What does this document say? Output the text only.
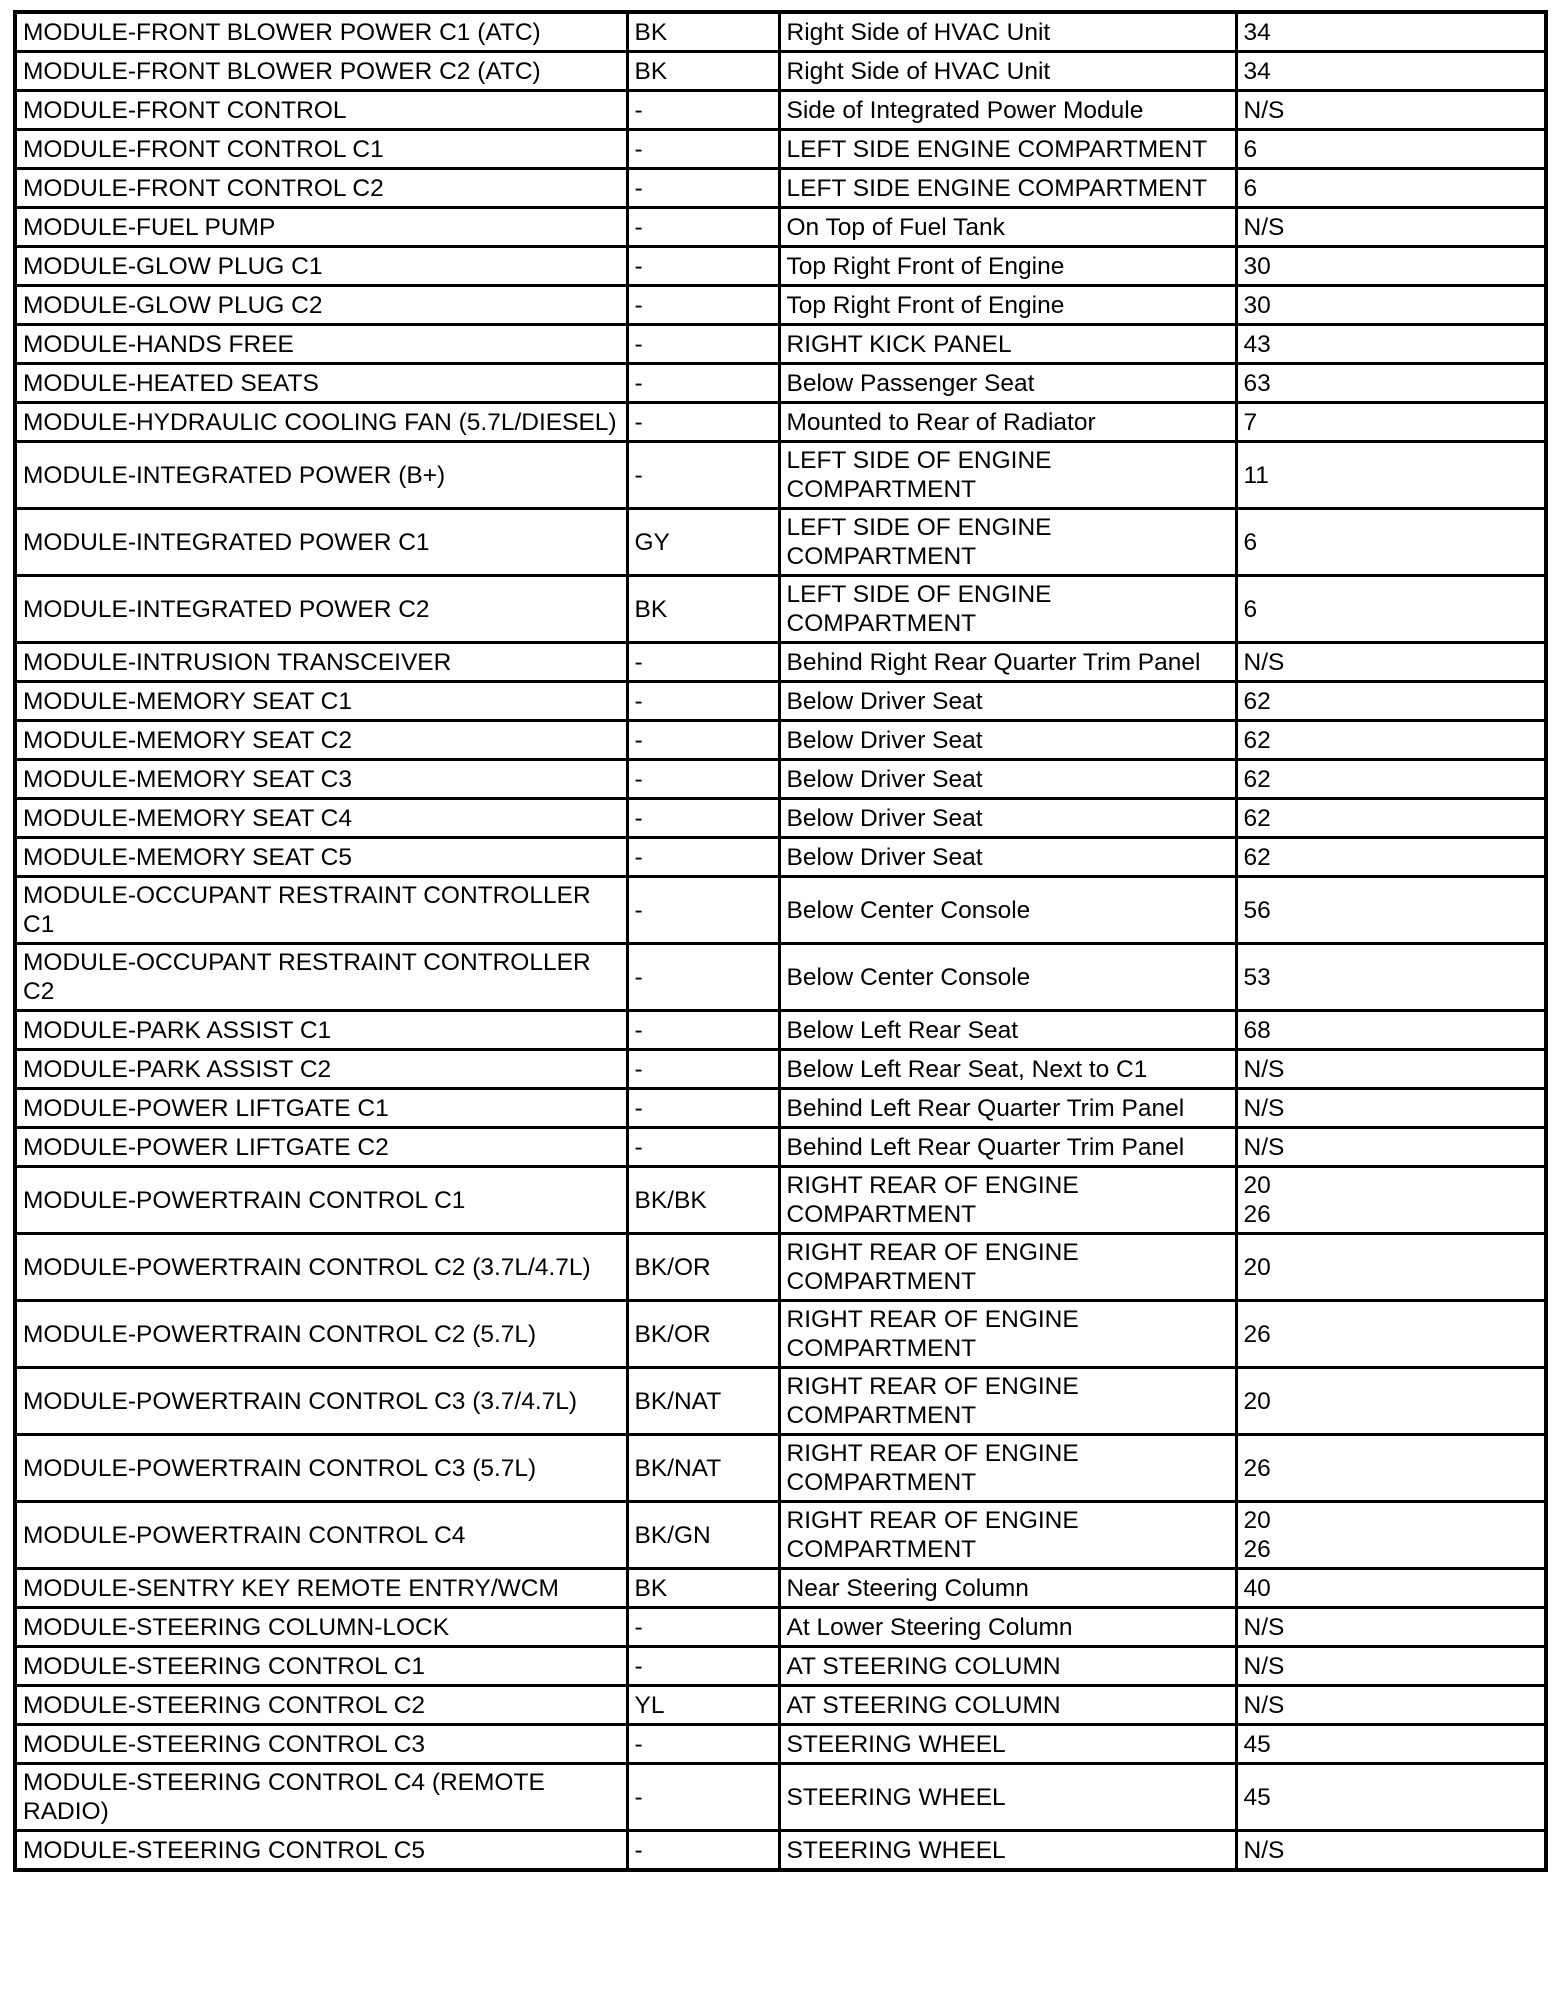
MODULE-FRONT BLOWER POWER C1 (ATC)	BK	Right Side of HVAC Unit	34
MODULE-FRONT BLOWER POWER C2 (ATC)	BK	Right Side of HVAC Unit	34
MODULE-FRONT CONTROL	-	Side of Integrated Power Module	N/S
MODULE-FRONT CONTROL C1	-	LEFT SIDE ENGINE COMPARTMENT	6
MODULE-FRONT CONTROL C2	-	LEFT SIDE ENGINE COMPARTMENT	6
MODULE-FUEL PUMP	-	On Top of Fuel Tank	N/S
MODULE-GLOW PLUG C1	-	Top Right Front of Engine	30
MODULE-GLOW PLUG C2	-	Top Right Front of Engine	30
MODULE-HANDS FREE	-	RIGHT KICK PANEL	43
MODULE-HEATED SEATS	-	Below Passenger Seat	63
MODULE-HYDRAULIC COOLING FAN (5.7L/DIESEL)	-	Mounted to Rear of Radiator	7
MODULE-INTEGRATED POWER (B+)	-	LEFT SIDE OF ENGINE COMPARTMENT	11
MODULE-INTEGRATED POWER C1	GY	LEFT SIDE OF ENGINE COMPARTMENT	6
MODULE-INTEGRATED POWER C2	BK	LEFT SIDE OF ENGINE COMPARTMENT	6
MODULE-INTRUSION TRANSCEIVER	-	Behind Right Rear Quarter Trim Panel	N/S
MODULE-MEMORY SEAT C1	-	Below Driver Seat	62
MODULE-MEMORY SEAT C2	-	Below Driver Seat	62
MODULE-MEMORY SEAT C3	-	Below Driver Seat	62
MODULE-MEMORY SEAT C4	-	Below Driver Seat	62
MODULE-MEMORY SEAT C5	-	Below Driver Seat	62
MODULE-OCCUPANT RESTRAINT CONTROLLER C1	-	Below Center Console	56
MODULE-OCCUPANT RESTRAINT CONTROLLER C2	-	Below Center Console	53
MODULE-PARK ASSIST C1	-	Below Left Rear Seat	68
MODULE-PARK ASSIST C2	-	Below Left Rear Seat, Next to C1	N/S
MODULE-POWER LIFTGATE C1	-	Behind Left Rear Quarter Trim Panel	N/S
MODULE-POWER LIFTGATE C2	-	Behind Left Rear Quarter Trim Panel	N/S
MODULE-POWERTRAIN CONTROL C1	BK/BK	RIGHT REAR OF ENGINE COMPARTMENT	20
26
MODULE-POWERTRAIN CONTROL C2 (3.7L/4.7L)	BK/OR	RIGHT REAR OF ENGINE COMPARTMENT	20
MODULE-POWERTRAIN CONTROL C2 (5.7L)	BK/OR	RIGHT REAR OF ENGINE COMPARTMENT	26
MODULE-POWERTRAIN CONTROL C3 (3.7/4.7L)	BK/NAT	RIGHT REAR OF ENGINE COMPARTMENT	20
MODULE-POWERTRAIN CONTROL C3 (5.7L)	BK/NAT	RIGHT REAR OF ENGINE COMPARTMENT	26
MODULE-POWERTRAIN CONTROL C4	BK/GN	RIGHT REAR OF ENGINE COMPARTMENT	20
26
MODULE-SENTRY KEY REMOTE ENTRY/WCM	BK	Near Steering Column	40
MODULE-STEERING COLUMN-LOCK	-	At Lower Steering Column	N/S
MODULE-STEERING CONTROL C1	-	AT STEERING COLUMN	N/S
MODULE-STEERING CONTROL C2	YL	AT STEERING COLUMN	N/S
MODULE-STEERING CONTROL C3	-	STEERING WHEEL	45
MODULE-STEERING CONTROL C4 (REMOTE RADIO)	-	STEERING WHEEL	45
MODULE-STEERING CONTROL C5	-	STEERING WHEEL	N/S
